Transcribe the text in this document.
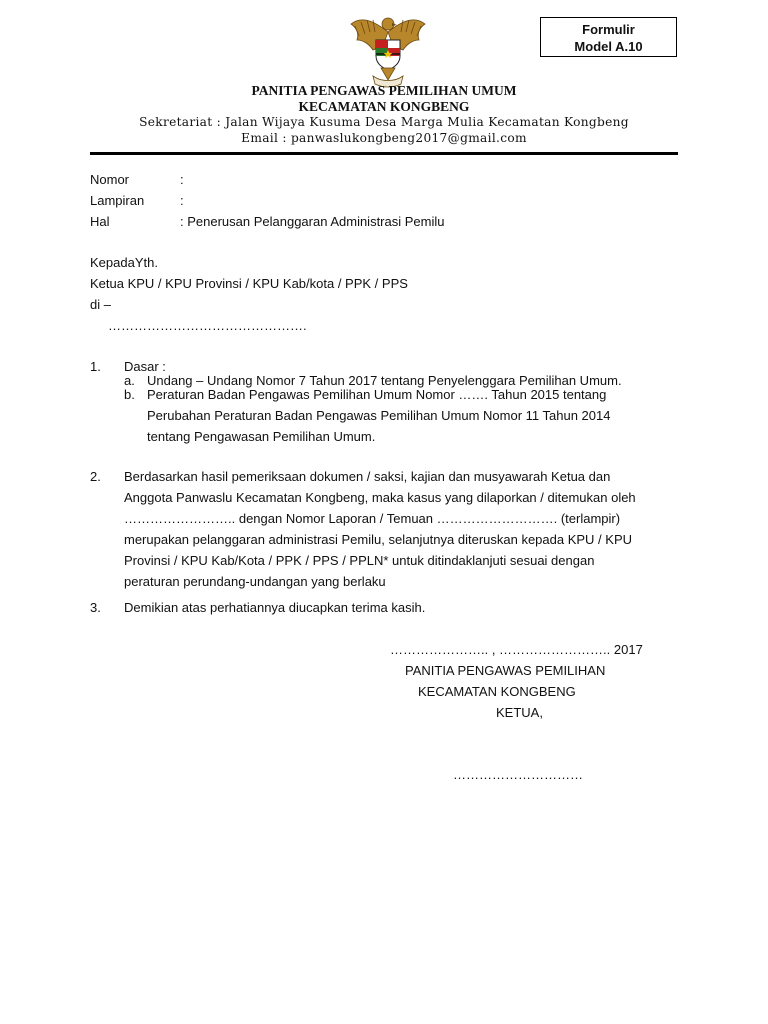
Formulir
Model A.10
PANITIA PENGAWAS PEMILIHAN UMUM
KECAMATAN KONGBENG
Sekretariat : Jalan Wijaya Kusuma Desa Marga Mulia Kecamatan Kongbeng
Email : panwaslukongbeng2017@gmail.com
Nomor	:
Lampiran	:
Hal	: Penerusan Pelanggaran Administrasi Pemilu
KepadaYth.
Ketua KPU / KPU Provinsi / KPU Kab/kota / PPK / PPS
di –
……………………………………….
1. Dasar :
a. Undang – Undang Nomor 7 Tahun 2017 tentang Penyelenggara Pemilihan Umum.
b. Peraturan Badan Pengawas Pemilihan Umum Nomor ……. Tahun 2015 tentang
Perubahan Peraturan Badan Pengawas Pemilihan Umum Nomor 11 Tahun 2014
tentang Pengawasan Pemilihan Umum.
2. Berdasarkan hasil pemeriksaan dokumen / saksi, kajian dan musyawarah Ketua dan
Anggota Panwaslu Kecamatan Kongbeng, maka kasus yang dilaporkan / ditemukan oleh
…………………….. dengan Nomor Laporan / Temuan ………………………. (terlampir)
merupakan pelanggaran administrasi Pemilu, selanjutnya diteruskan kepada KPU / KPU
Provinsi / KPU Kab/Kota / PPK / PPS / PPLN* untuk ditindaklanjuti sesuai dengan
peraturan perundang-undangan yang berlaku
3. Demikian atas perhatiannya diucapkan terima kasih.
………………….. , …………………….. 2017
PANITIA PENGAWAS PEMILIHAN
KECAMATAN KONGBENG
KETUA,
…………………………
